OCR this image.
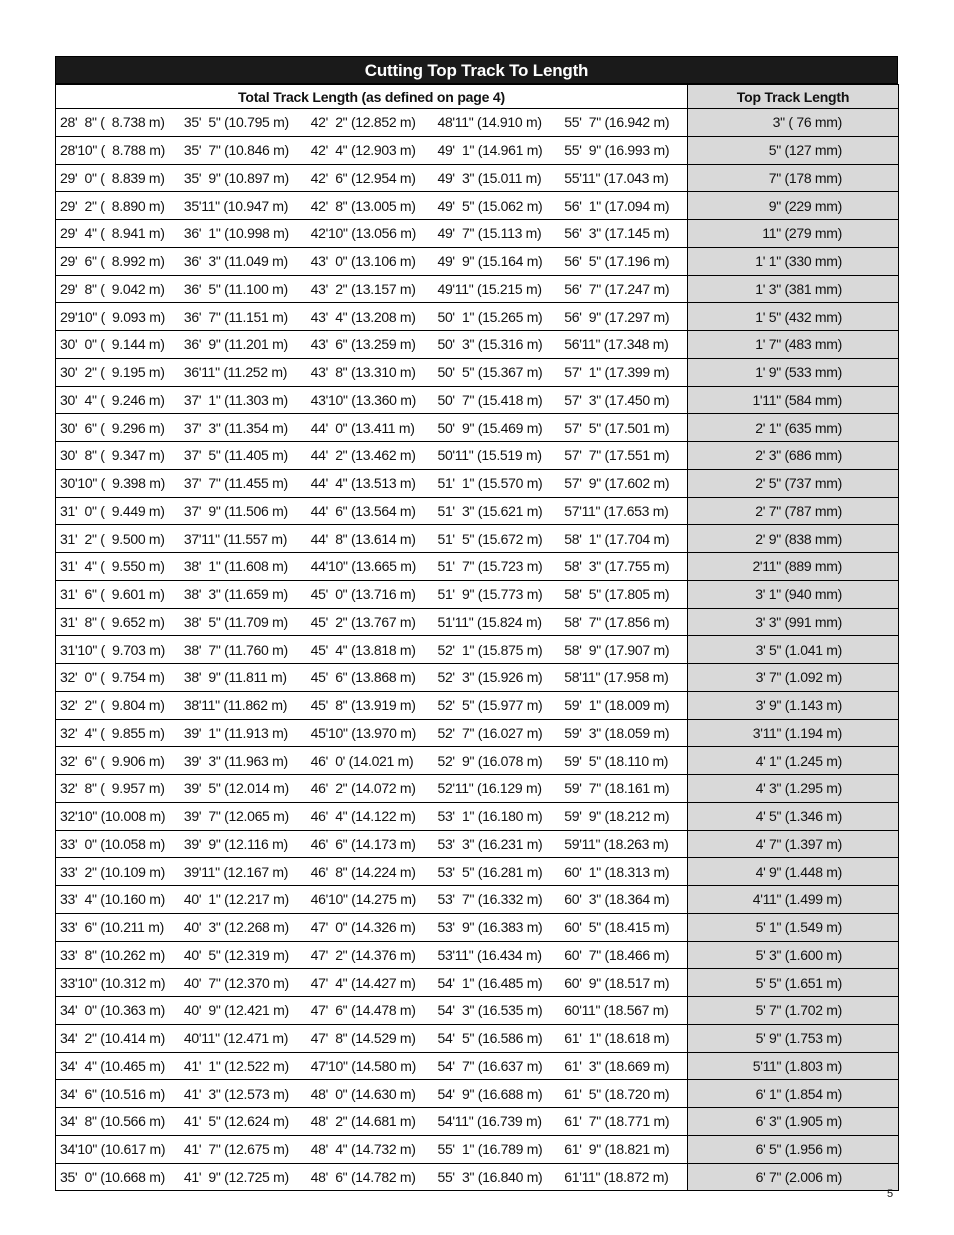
Cutting Top Track To Length
Total Track Length (as defined on page 4)	Top Track Length

28'  8" (  8.738 m) 35'  5" (10.795 m) 42'  2" (12.852 m) 48'11" (14.910 m) 55'  7" (16.942 m)	3" ( 76 mm)

28'10" (  8.788 m) 35'  7" (10.846 m) 42'  4" (12.903 m) 49'  1" (14.961 m) 55'  9" (16.993 m)	5" (127 mm)

29'  0" (  8.839 m) 35'  9" (10.897 m) 42'  6" (12.954 m) 49'  3" (15.011 m) 55'11" (17.043 m)	7" (178 mm)

29'  2" (  8.890 m) 35'11" (10.947 m) 42'  8" (13.005 m) 49'  5" (15.062 m) 56'  1" (17.094 m)	9" (229 mm)

29'  4" (  8.941 m) 36'  1" (10.998 m) 42'10" (13.056 m) 49'  7" (15.113 m) 56'  3" (17.145 m)	11" (279 mm)

29'  6" (  8.992 m) 36'  3" (11.049 m) 43'  0" (13.106 m) 49'  9" (15.164 m) 56'  5" (17.196 m)	1' 1" (330 mm)

29'  8" (  9.042 m) 36'  5" (11.100 m) 43'  2" (13.157 m) 49'11" (15.215 m) 56'  7" (17.247 m)	1' 3" (381 mm)

29'10" (  9.093 m) 36'  7" (11.151 m) 43'  4" (13.208 m) 50'  1" (15.265 m) 56'  9" (17.297 m)	1' 5" (432 mm)

30'  0" (  9.144 m) 36'  9" (11.201 m) 43'  6" (13.259 m) 50'  3" (15.316 m) 56'11" (17.348 m)	1' 7" (483 mm)

30'  2" (  9.195 m) 36'11" (11.252 m) 43'  8" (13.310 m) 50'  5" (15.367 m) 57'  1" (17.399 m)	1' 9" (533 mm)

30'  4" (  9.246 m) 37'  1" (11.303 m) 43'10" (13.360 m) 50'  7" (15.418 m) 57'  3" (17.450 m)	1'11" (584 mm)

30'  6" (  9.296 m) 37'  3" (11.354 m) 44'  0" (13.411 m) 50'  9" (15.469 m) 57'  5" (17.501 m)	2' 1" (635 mm)

30'  8" (  9.347 m) 37'  5" (11.405 m) 44'  2" (13.462 m) 50'11" (15.519 m) 57'  7" (17.551 m)	2' 3" (686 mm)

30'10" (  9.398 m) 37'  7" (11.455 m) 44'  4" (13.513 m) 51'  1" (15.570 m) 57'  9" (17.602 m)	2' 5" (737 mm)

31'  0" (  9.449 m) 37'  9" (11.506 m) 44'  6" (13.564 m) 51'  3" (15.621 m) 57'11" (17.653 m)	2' 7" (787 mm)

31'  2" (  9.500 m) 37'11" (11.557 m) 44'  8" (13.614 m) 51'  5" (15.672 m) 58'  1" (17.704 m)	2' 9" (838 mm)

31'  4" (  9.550 m) 38'  1" (11.608 m) 44'10" (13.665 m) 51'  7" (15.723 m) 58'  3" (17.755 m)	2'11" (889 mm)

31'  6" (  9.601 m) 38'  3" (11.659 m) 45'  0" (13.716 m) 51'  9" (15.773 m) 58'  5" (17.805 m)	3' 1" (940 mm)

31'  8" (  9.652 m) 38'  5" (11.709 m) 45'  2" (13.767 m) 51'11" (15.824 m) 58'  7" (17.856 m)	3' 3" (991 mm)

31'10" (  9.703 m) 38'  7" (11.760 m) 45'  4" (13.818 m) 52'  1" (15.875 m) 58'  9" (17.907 m)	3' 5" (1.041 m)

32'  0" (  9.754 m) 38'  9" (11.811 m) 45'  6" (13.868 m) 52'  3" (15.926 m) 58'11" (17.958 m)	3' 7" (1.092 m)

32'  2" (  9.804 m) 38'11" (11.862 m) 45'  8" (13.919 m) 52'  5" (15.977 m) 59'  1" (18.009 m)	3' 9" (1.143 m)

32'  4" (  9.855 m) 39'  1" (11.913 m) 45'10" (13.970 m) 52'  7" (16.027 m) 59'  3" (18.059 m)	3'11" (1.194 m)

32'  6" (  9.906 m) 39'  3" (11.963 m) 46'  0' (14.021 m) 52'  9" (16.078 m) 59'  5" (18.110 m)	4' 1" (1.245 m)

32'  8" (  9.957 m) 39'  5" (12.014 m) 46'  2" (14.072 m) 52'11" (16.129 m) 59'  7" (18.161 m)	4' 3" (1.295 m)

32'10" (10.008 m) 39'  7" (12.065 m) 46'  4" (14.122 m) 53'  1" (16.180 m) 59'  9" (18.212 m)	4' 5" (1.346 m)

33'  0" (10.058 m) 39'  9" (12.116 m) 46'  6" (14.173 m) 53'  3" (16.231 m) 59'11" (18.263 m)	4' 7" (1.397 m)

33'  2" (10.109 m) 39'11" (12.167 m) 46'  8" (14.224 m) 53'  5" (16.281 m) 60'  1" (18.313 m)	4' 9" (1.448 m)

33'  4" (10.160 m) 40'  1" (12.217 m) 46'10" (14.275 m) 53'  7" (16.332 m) 60'  3" (18.364 m)	4'11" (1.499 m)

33'  6" (10.211 m) 40'  3" (12.268 m) 47'  0" (14.326 m) 53'  9" (16.383 m) 60'  5" (18.415 m)	5' 1" (1.549 m)

33'  8" (10.262 m) 40'  5" (12.319 m) 47'  2" (14.376 m) 53'11" (16.434 m) 60'  7" (18.466 m)	5' 3" (1.600 m)

33'10" (10.312 m) 40'  7" (12.370 m) 47'  4" (14.427 m) 54'  1" (16.485 m) 60'  9" (18.517 m)	5' 5" (1.651 m)

34'  0" (10.363 m) 40'  9" (12.421 m) 47'  6" (14.478 m) 54'  3" (16.535 m) 60'11" (18.567 m)	5' 7" (1.702 m)

34'  2" (10.414 m) 40'11" (12.471 m) 47'  8" (14.529 m) 54'  5" (16.586 m) 61'  1" (18.618 m)	5' 9" (1.753 m)

34'  4" (10.465 m) 41'  1" (12.522 m) 47'10" (14.580 m) 54'  7" (16.637 m) 61'  3" (18.669 m)	5'11" (1.803 m)

34'  6" (10.516 m) 41'  3" (12.573 m) 48'  0" (14.630 m) 54'  9" (16.688 m) 61'  5" (18.720 m)	6' 1" (1.854 m)

34'  8" (10.566 m) 41'  5" (12.624 m) 48'  2" (14.681 m) 54'11" (16.739 m) 61'  7" (18.771 m)	6' 3" (1.905 m)

34'10" (10.617 m) 41'  7" (12.675 m) 48'  4" (14.732 m) 55'  1" (16.789 m) 61'  9" (18.821 m)	6' 5" (1.956 m)

35'  0" (10.668 m) 41'  9" (12.725 m) 48'  6" (14.782 m) 55'  3" (16.840 m) 61'11" (18.872 m)	6' 7" (2.006 m)
5
